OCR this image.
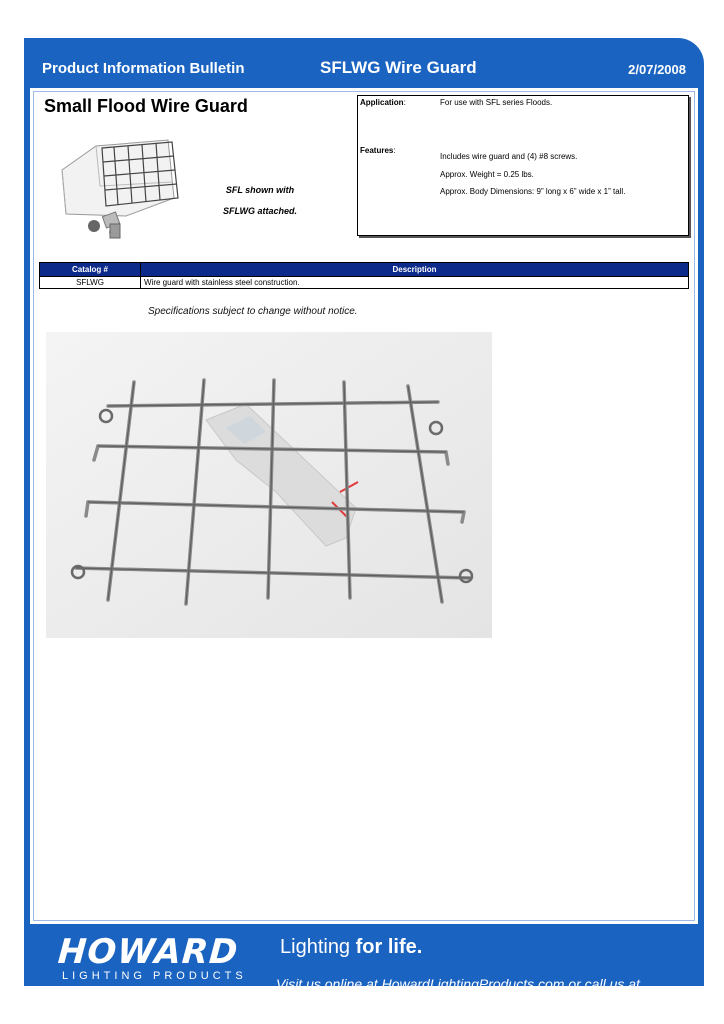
Product Information Bulletin	SFLWG Wire Guard	2/07/2008
Small Flood Wire Guard
SFL shown with
SFLWG attached.
Application:	For use with SFL series Floods.
Features:
Includes wire guard and (4) #8 screws.
Approx. Weight = 0.25 lbs.
Approx. Body Dimensions: 9” long x 6” wide x 1” tall.
Catalog #	Description
SFLWG	Wire guard with stainless steel construction.
Specifications subject to change without notice.
HOWARD
LIGHTING PRODUCTS
Lighting for life.
Visit us online at HowardLightingProducts.com or call us at 800.956.3456.
